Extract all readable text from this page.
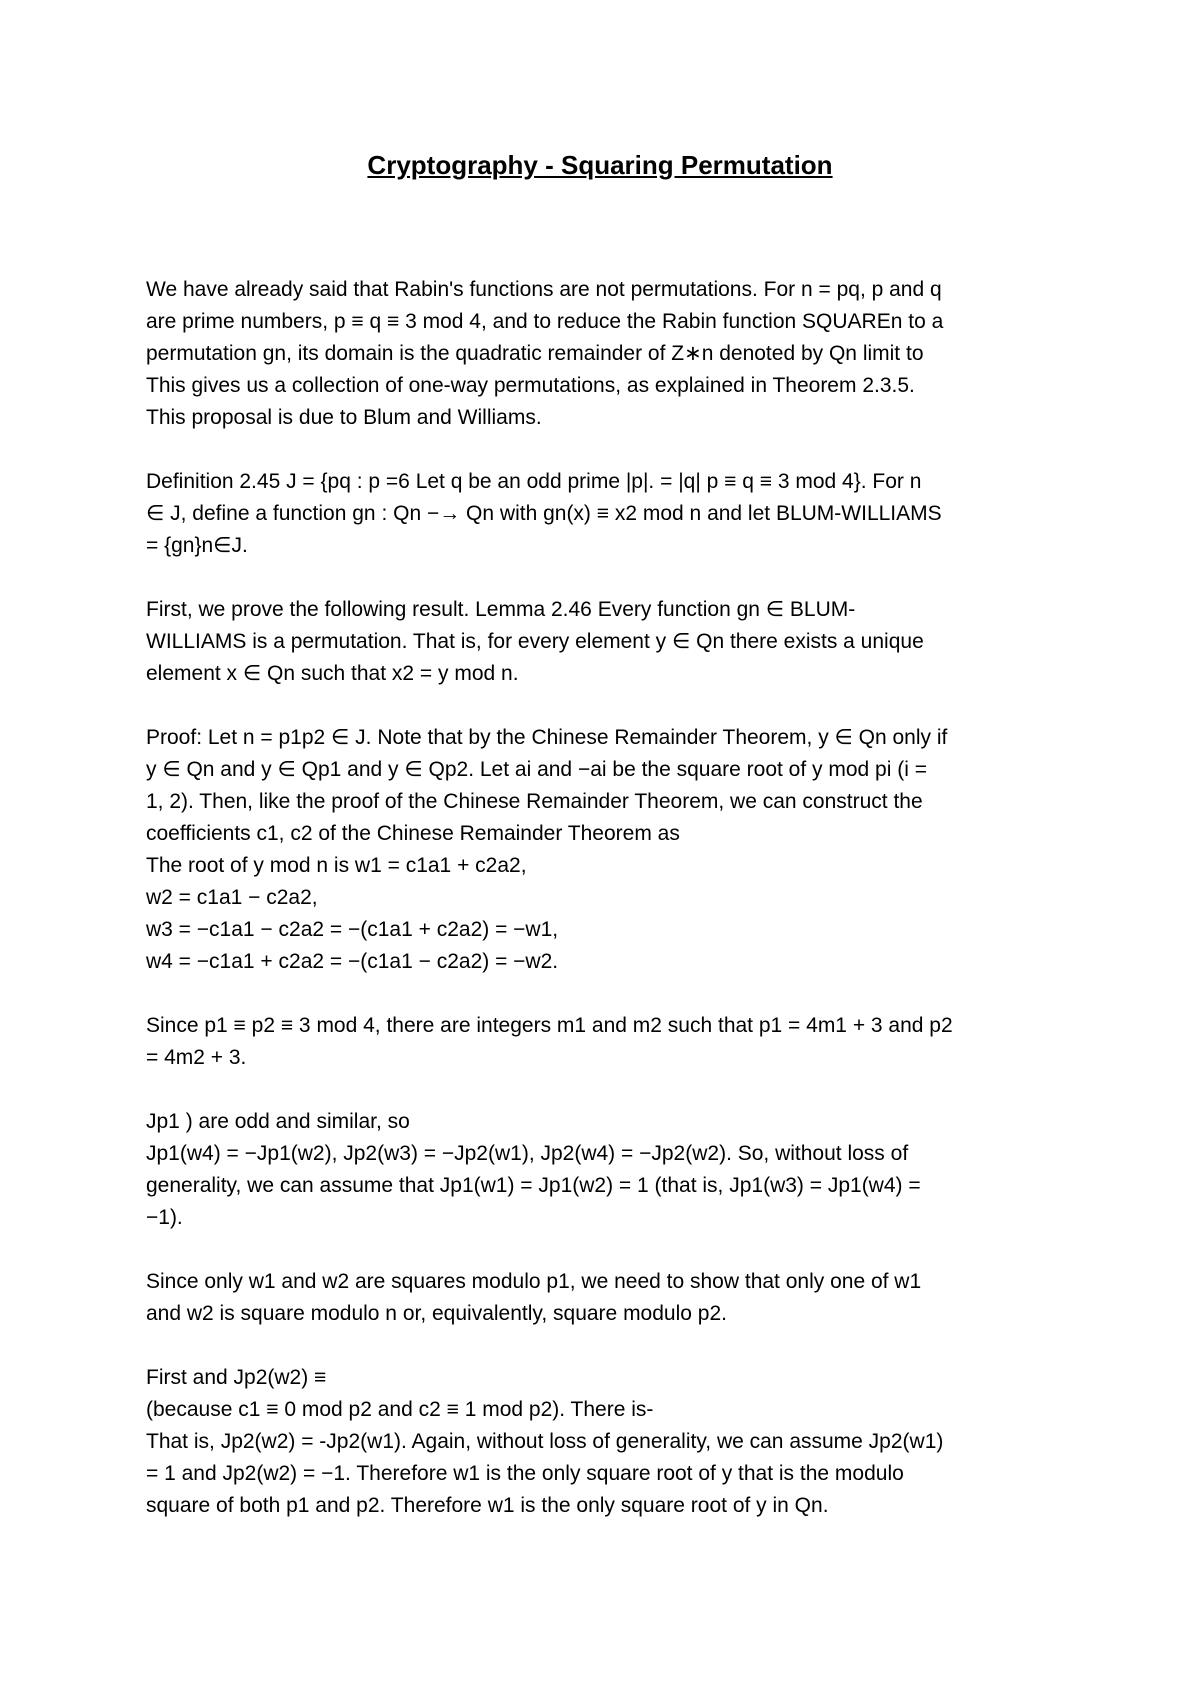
Cryptography - Squaring Permutation

We have already said that Rabin's functions are not permutations. For n = pq, p and q
are prime numbers, p ≡ q ≡ 3 mod 4, and to reduce the Rabin function SQUAREn to a
permutation gn, its domain is the quadratic remainder of Z∗n denoted by Qn limit to
This gives us a collection of one-way permutations, as explained in Theorem 2.3.5.
This proposal is due to Blum and Williams.

Definition 2.45 J = {pq : p =6 Let q be an odd prime |p|. = |q| p ≡ q ≡ 3 mod 4}. For n
∈ J, define a function gn : Qn −→ Qn with gn(x) ≡ x2 mod n and let BLUM-WILLIAMS
= {gn}n∈J.

First, we prove the following result. Lemma 2.46 Every function gn ∈ BLUM-
WILLIAMS is a permutation. That is, for every element y ∈ Qn there exists a unique
element x ∈ Qn such that x2 = y mod n.

Proof: Let n = p1p2 ∈ J. Note that by the Chinese Remainder Theorem, y ∈ Qn only if
y ∈ Qn and y ∈ Qp1 and y ∈ Qp2. Let ai and −ai be the square root of y mod pi (i =
1, 2). Then, like the proof of the Chinese Remainder Theorem, we can construct the
coefficients c1, c2 of the Chinese Remainder Theorem as
The root of y mod n is w1 = c1a1 + c2a2,
w2 = c1a1 − c2a2,
w3 = −c1a1 − c2a2 = −(c1a1 + c2a2) = −w1,
w4 = −c1a1 + c2a2 = −(c1a1 − c2a2) = −w2.

Since p1 ≡ p2 ≡ 3 mod 4, there are integers m1 and m2 such that p1 = 4m1 + 3 and p2
= 4m2 + 3.

Jp1 ) are odd and similar, so
Jp1(w4) = −Jp1(w2), Jp2(w3) = −Jp2(w1), Jp2(w4) = −Jp2(w2). So, without loss of
generality, we can assume that Jp1(w1) = Jp1(w2) = 1 (that is, Jp1(w3) = Jp1(w4) =
−1).

Since only w1 and w2 are squares modulo p1, we need to show that only one of w1
and w2 is square modulo n or, equivalently, square modulo p2.

First and Jp2(w2) ≡
(because c1 ≡ 0 mod p2 and c2 ≡ 1 mod p2). There is-
That is, Jp2(w2) = -Jp2(w1). Again, without loss of generality, we can assume Jp2(w1)
= 1 and Jp2(w2) = −1. Therefore w1 is the only square root of y that is the modulo
square of both p1 and p2. Therefore w1 is the only square root of y in Qn.
